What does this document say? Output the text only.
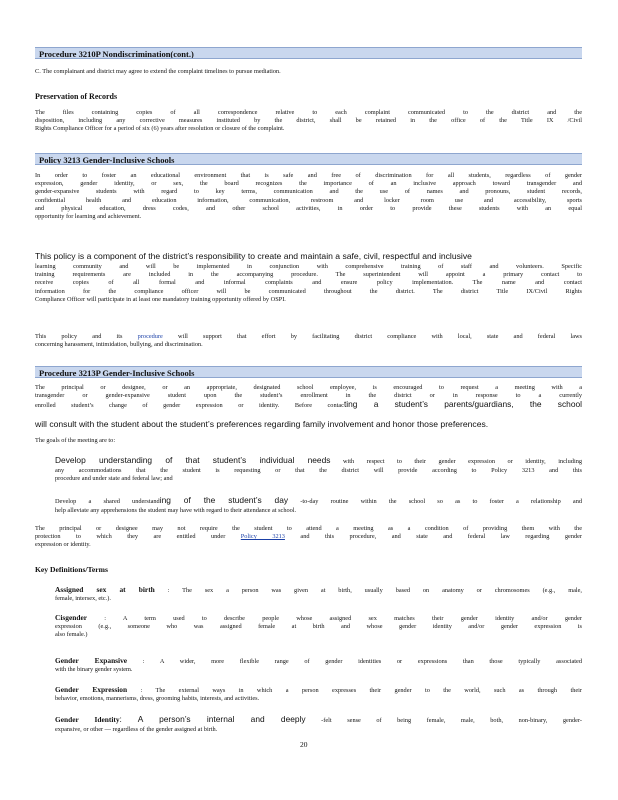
Procedure 3210P Nondiscrimination(cont.)
C. The complainant and district may agree to extend the complaint timelines to pursue mediation.
Preservation of Records
The files containing copies of all correspondence relative to each complaint communicated to the district and the
disposition, including any corrective measures instituted by the district, shall be retained in the office of the Title IX /Civil
Rights Compliance Officer for a period of six (6) years after resolution or closure of the complaint.
Policy 3213 Gender-Inclusive Schools
In order to foster an educational environment that is safe and free of discrimination for all students, regardless of gender
expression, gender identity, or sex, the board recognizes the importance of an inclusive approach toward transgender and
gender-expansive students with regard to key terms, communication and the use of names and pronouns, student records,
confidential health and education information, communication, restroom and locker room use and accessibility, sports
and physical education, dress codes, and other school activities, in order to provide these students with an equal
opportunity for learning and achievement.
This policy is a component of the district’s responsibility to create and maintain a safe, civil, respectful and inclusive
learning community and will be implemented in conjunction with comprehensive training of staff and volunteers. Specific
training requirements are included in the accompanying procedure. The superintendent will appoint a primary contact to
receive copies of all formal and informal complaints and ensure policy implementation. The name and contact
information for the compliance officer will be communicated throughout the district. The district Title IX/Civil Rights
Compliance Officer will participate in at least one mandatory training opportunity offered by OSPI.
This policy and its procedure will support that effort by facilitating district compliance with local, state and federal laws
concerning harassment, intimidation, bullying, and discrimination.
Procedure 3213P Gender-Inclusive Schools
The principal or designee, or an appropriate, designated school employee, is encouraged to request a meeting with a
transgender or gender-expansive student upon the student’s enrollment in the district or in response to a currently
enrolled student’s change of gender expression or identity. Before contacting a student’s parents/guardians, the school
will consult with the student about the student’s preferences regarding family involvement and honor those preferences.
The goals of the meeting are to:
Develop understanding of that student’s individual needs with respect to their gender expression or identity, including
any accommodations that the student is requesting or that the district will provide according to Policy 3213 and this
procedure and under state and federal law; and
Develop a shared understanding of the student’s day -to-day routine within the school so as to foster a relationship and
help alleviate any apprehensions the student may have with regard to their attendance at school.
The principal or designee may not require the student to attend a meeting as a condition of providing them with the
protection to which they are entitled under Policy 3213 and this procedure, and state and federal law regarding gender
expression or identity.
Key Definitions/Terms
Assigned sex at birth : The sex a person was given at birth, usually based on anatomy or chromosomes (e.g., male,
female, intersex, etc.).
Cisgender	: A term used to describe people whose assigned sex matches their gender identity and/or gender
expression (e.g., someone who was assigned female at birth and whose gender identity and/or gender expression is
also female.)
Gender Expansive : A wider, more flexible range of gender identities or expressions than those typically associated
with the binary gender system.
Gender Expression : The external ways in which a person expresses their gender to the world, such as through their
behavior, emotions, mannerisms, dress, grooming habits, interests, and activities.
Gender Identity: A person’s internal and deeply -felt sense of being female, male, both, non-binary, gender-
expansive, or other — regardless of the gender assigned at birth.
20
